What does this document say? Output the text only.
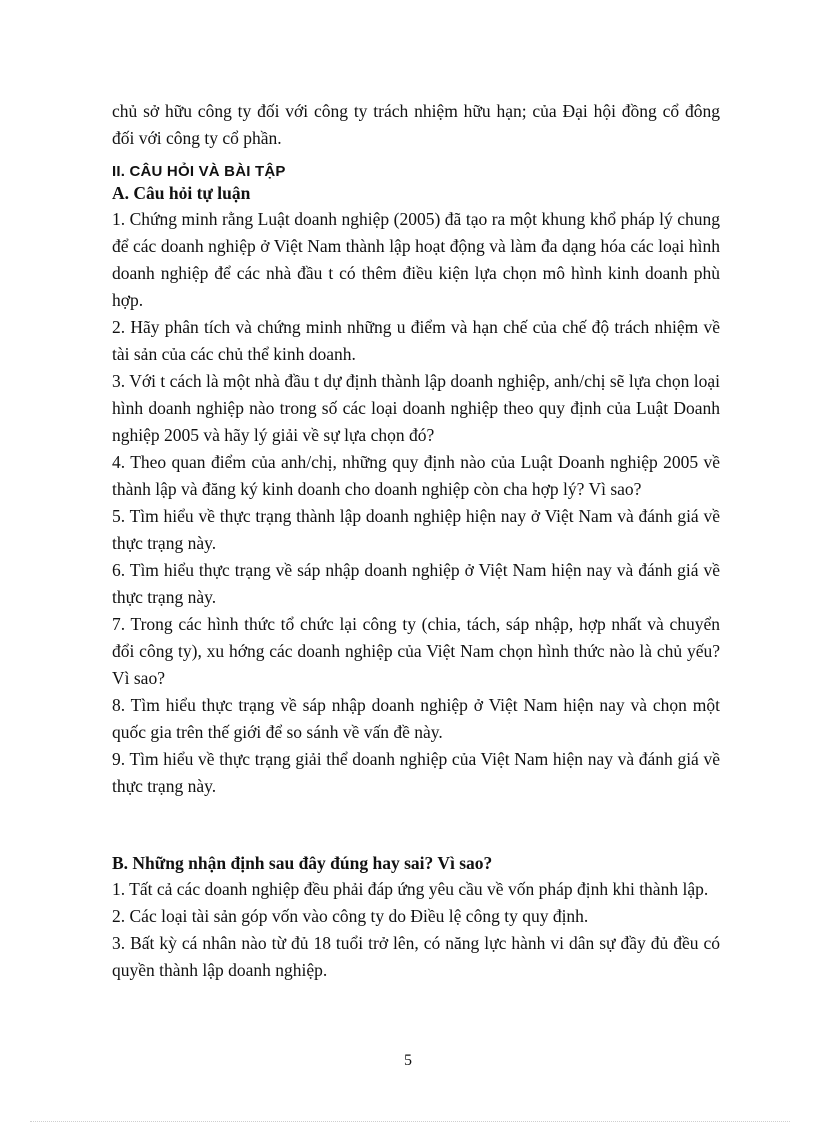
chủ sở hữu công ty đối với công ty trách nhiệm hữu hạn; của Đại hội đồng cổ đông đối với công ty cổ phần.

II. CÂU HỎI VÀ BÀI TẬP
A. Câu hỏi tự luận

1. Chứng minh rằng Luật doanh nghiệp (2005) đã tạo ra một khung khổ pháp lý chung để các doanh nghiệp ở Việt Nam thành lập hoạt động và làm đa dạng hóa các loại hình doanh nghiệp để các nhà đầu t có thêm điều kiện lựa chọn mô hình kinh doanh phù hợp.

2. Hãy phân tích và chứng minh những u điểm và hạn chế của chế độ trách nhiệm về tài sản của các chủ thể kinh doanh.

3. Với t cách là một nhà đầu t dự định thành lập doanh nghiệp, anh/chị sẽ lựa chọn loại hình doanh nghiệp nào trong số các loại doanh nghiệp theo quy định của Luật Doanh nghiệp 2005 và hãy lý giải về sự lựa chọn đó?

4. Theo quan điểm của anh/chị, những quy định nào của Luật Doanh nghiệp 2005 về thành lập và đăng ký kinh doanh cho doanh nghiệp còn cha hợp lý? Vì sao?

5. Tìm hiểu về thực trạng thành lập doanh nghiệp hiện nay ở Việt Nam và đánh giá về thực trạng này.

6. Tìm hiểu thực trạng về sáp nhập doanh nghiệp ở Việt Nam hiện nay và đánh giá về thực trạng này.

7. Trong các hình thức tổ chức lại công ty (chia, tách, sáp nhập, hợp nhất và chuyển đổi công ty), xu hớng các doanh nghiệp của Việt Nam chọn hình thức nào là chủ yếu? Vì sao?

8. Tìm hiểu thực trạng về sáp nhập doanh nghiệp ở Việt Nam hiện nay và chọn một quốc gia trên thế giới để so sánh về vấn đề này.

9. Tìm hiểu về thực trạng giải thể doanh nghiệp của Việt Nam hiện nay và đánh giá về thực trạng này.

B. Những nhận định sau đây đúng hay sai? Vì sao?

1. Tất cả các doanh nghiệp đều phải đáp ứng yêu cầu về vốn pháp định khi thành lập.

2. Các loại tài sản góp vốn vào công ty do Điều lệ công ty quy định.

3. Bất kỳ cá nhân nào từ đủ 18 tuổi trở lên, có năng lực hành vi dân sự đầy đủ đều có quyền thành lập doanh nghiệp.

5
